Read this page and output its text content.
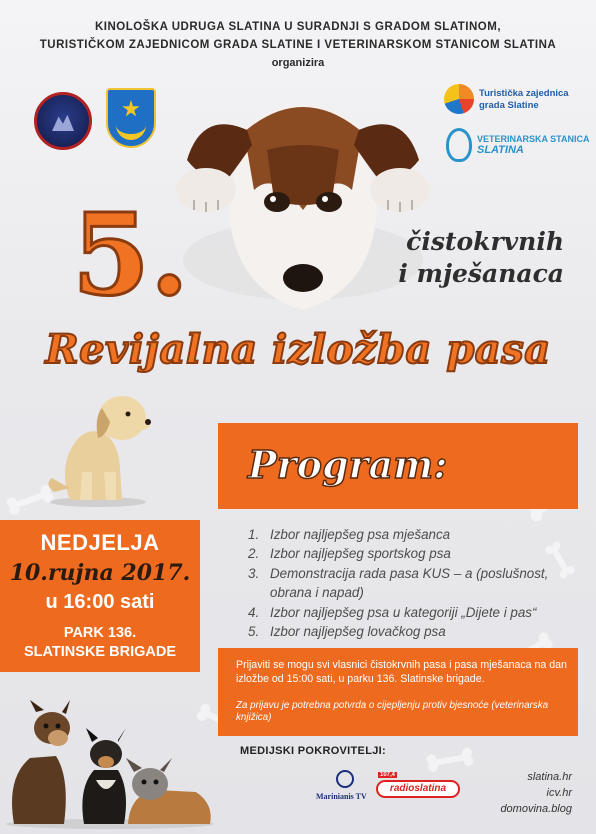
KINOLOŠKA UDRUGA SLATINA U SURADNJI S GRADOM SLATINOM,
TURISTIČKOM ZAJEDNICOM GRADA SLATINE I VETERINARSKOM STANICOM SLATINA
organizira
Turistička zajednica
grada Slatine
VETERINARSKA STANICA
SLATINA
5.	čistokrvnih
i mješanaca
Revijalna izložba pasa
Program:
NEDJELJA
10.rujna 2017.
u 16:00 sati
PARK 136.
SLATINSKE BRIGADE
1. Izbor najljepšeg psa mješanca
2. Izbor najljepšeg sportskog psa
3. Demonstracija rada pasa KUS – a (poslušnost, obrana i napad)
4. Izbor najljepšeg psa u kategoriji „Dijete i pas“
5. Izbor najljepšeg lovačkog psa
Prijaviti se mogu svi vlasnici čistokrvnih pasa i pasa mješanaca na dan izložbe od 15:00 sati, u parku 136. Slatinske brigade.
Za prijavu je potrebna potvrda o cijepljenju protiv bjesnoće (veterinarska knjižica)
MEDIJSKI POKROVITELJI:
Marinianis TV
radioslatina
107,4	slatina.hr
icv.hr
domovina.blog
